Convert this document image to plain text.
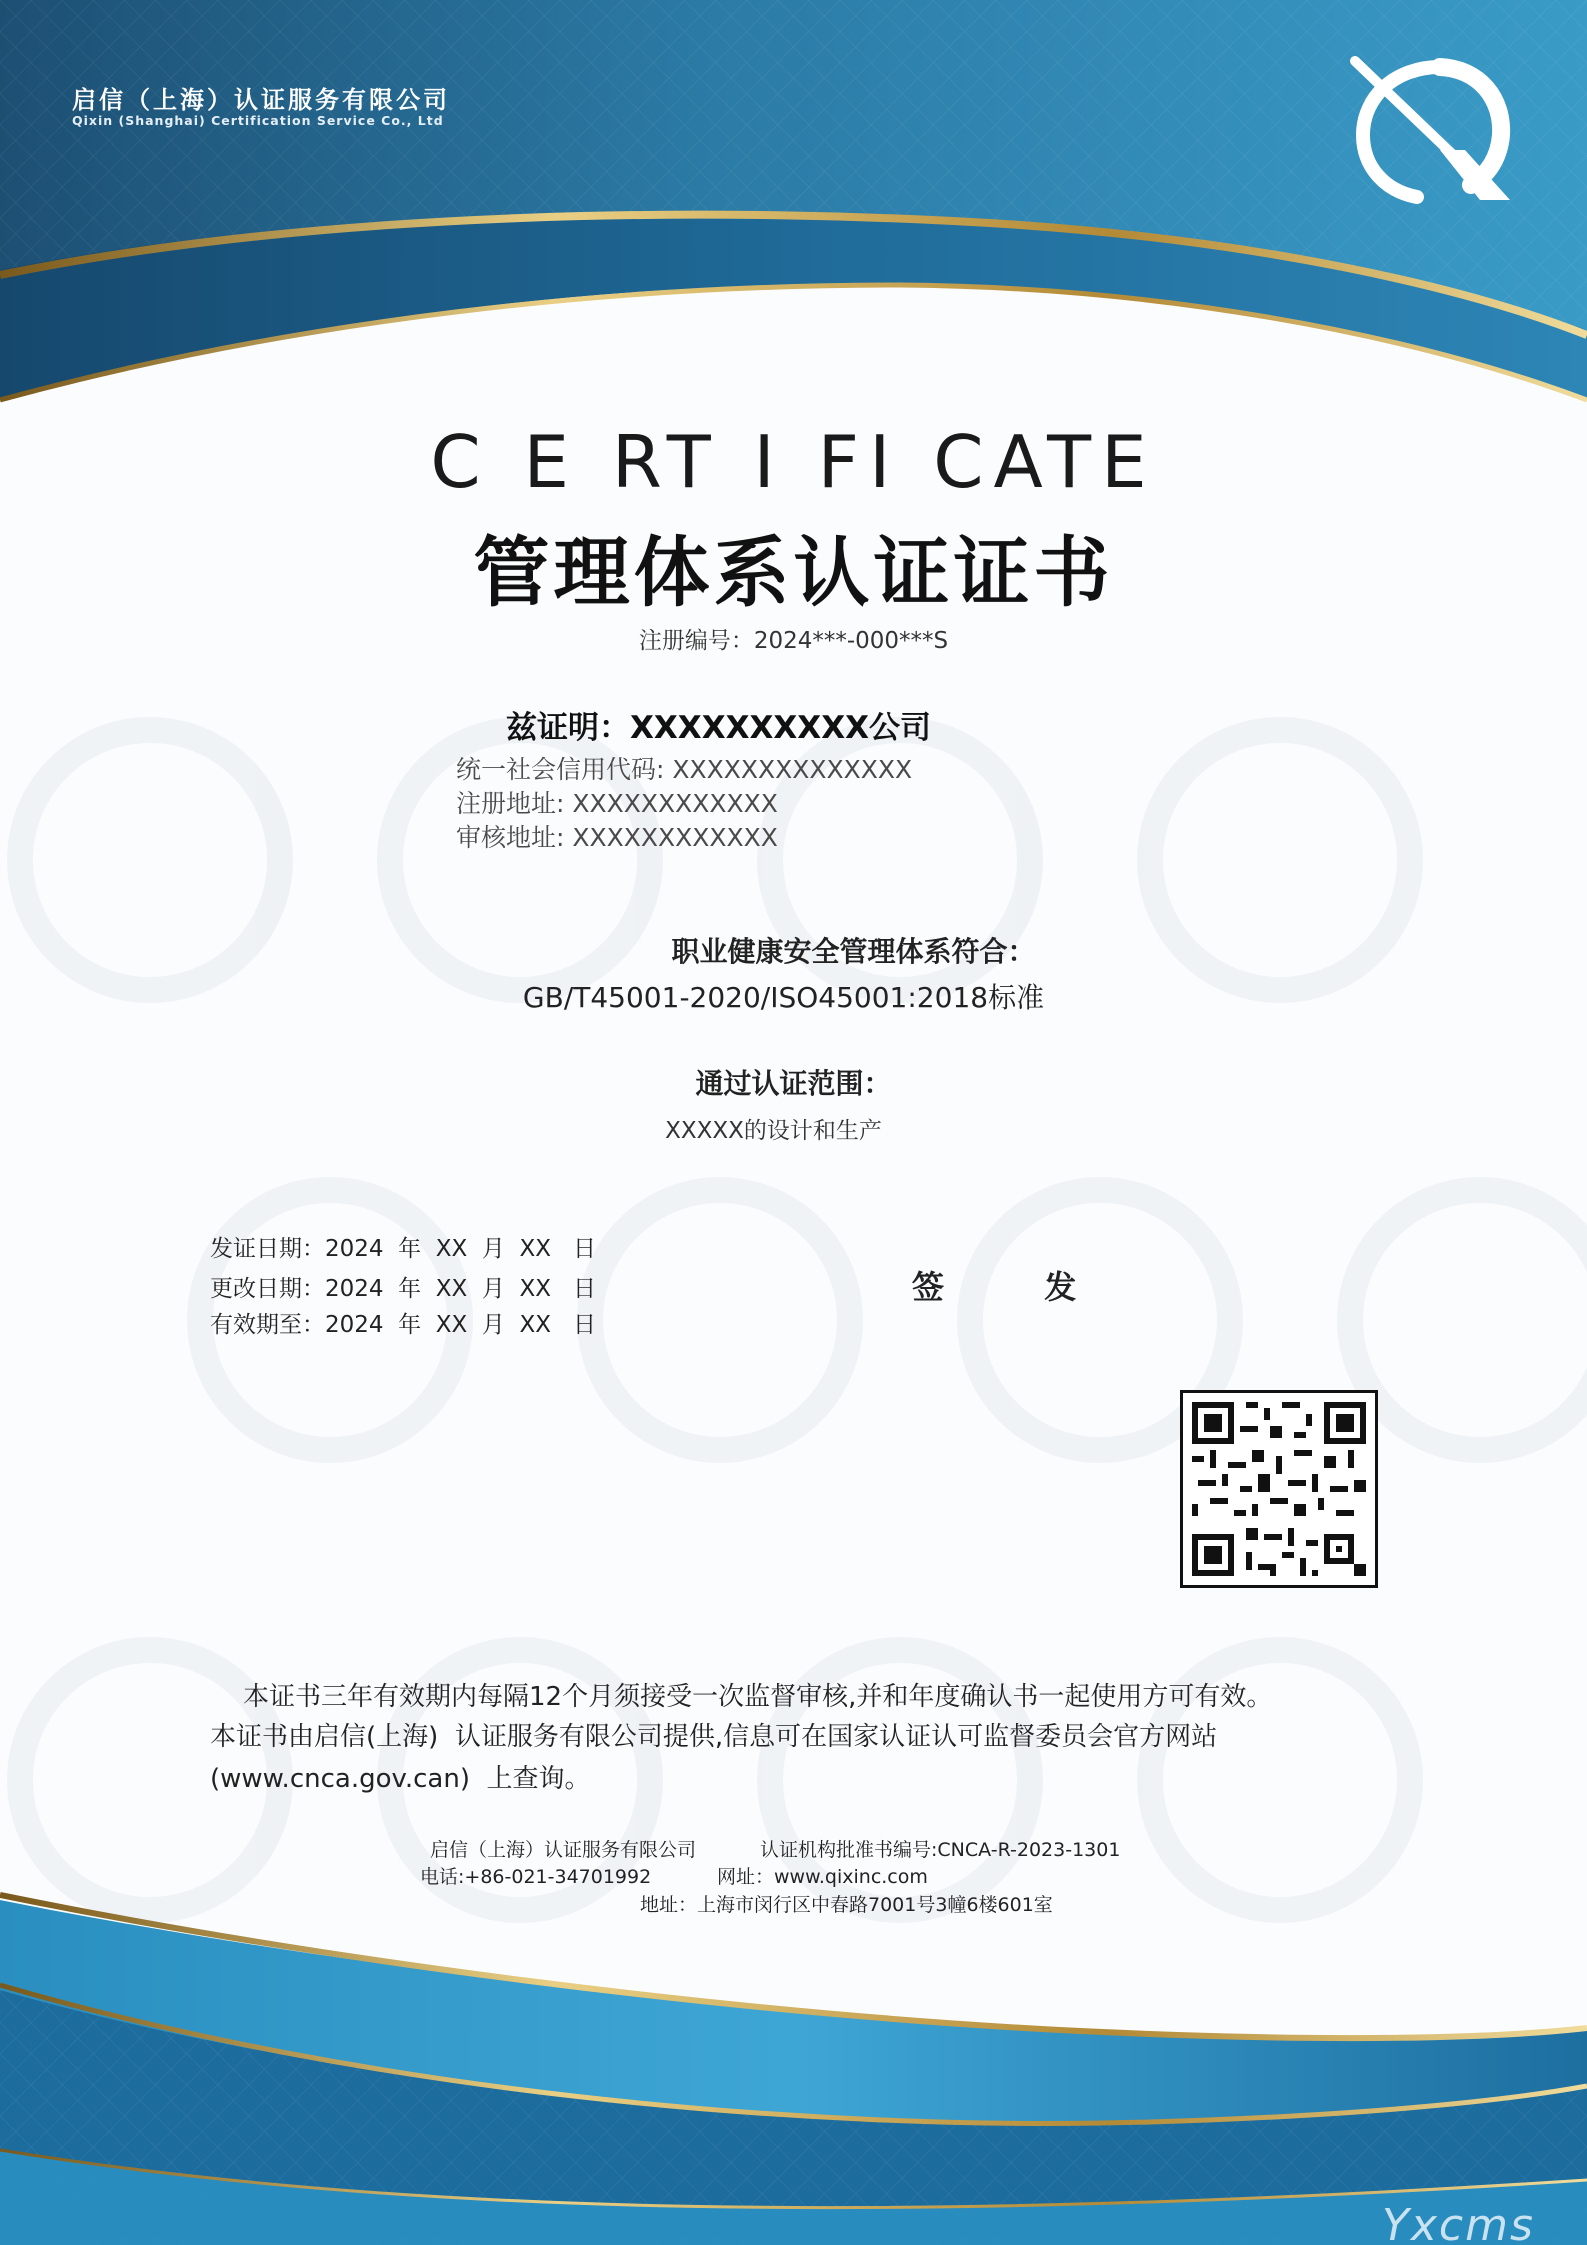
启信（上海）认证服务有限公司
Qixin (Shanghai) Certification Service Co., Ltd
C E RT I FI CATE
管理体系认证证书
注册编号：2024***-000***S
兹证明：XXXXXXXXXX公司
统一社会信用代码: XXXXXXXXXXXXXX
注册地址: XXXXXXXXXXXX
审核地址: XXXXXXXXXXXX
职业健康安全管理体系符合：
GB/T45001-2020/ISO45001:2018标准
通过认证范围：
XXXXX的设计和生产
发证日期：2024  年  XX  月  XX   日
更改日期：2024  年  XX  月  XX   日
有效期至：2024  年  XX  月  XX   日
签  发
本证书三年有效期内每隔12个月须接受一次监督审核,并和年度确认书一起使用方可有效。
本证书由启信(上海)  认证服务有限公司提供,信息可在国家认证认可监督委员会官方网站
(www.cnca.gov.can)  上查询。
启信（上海）认证服务有限公司	认证机构批准书编号:CNCA-R-2023-1301
电话:+86-021-34701992	网址：www.qixinc.com
地址：上海市闵行区中春路7001号3幢6楼601室
Yxcms
